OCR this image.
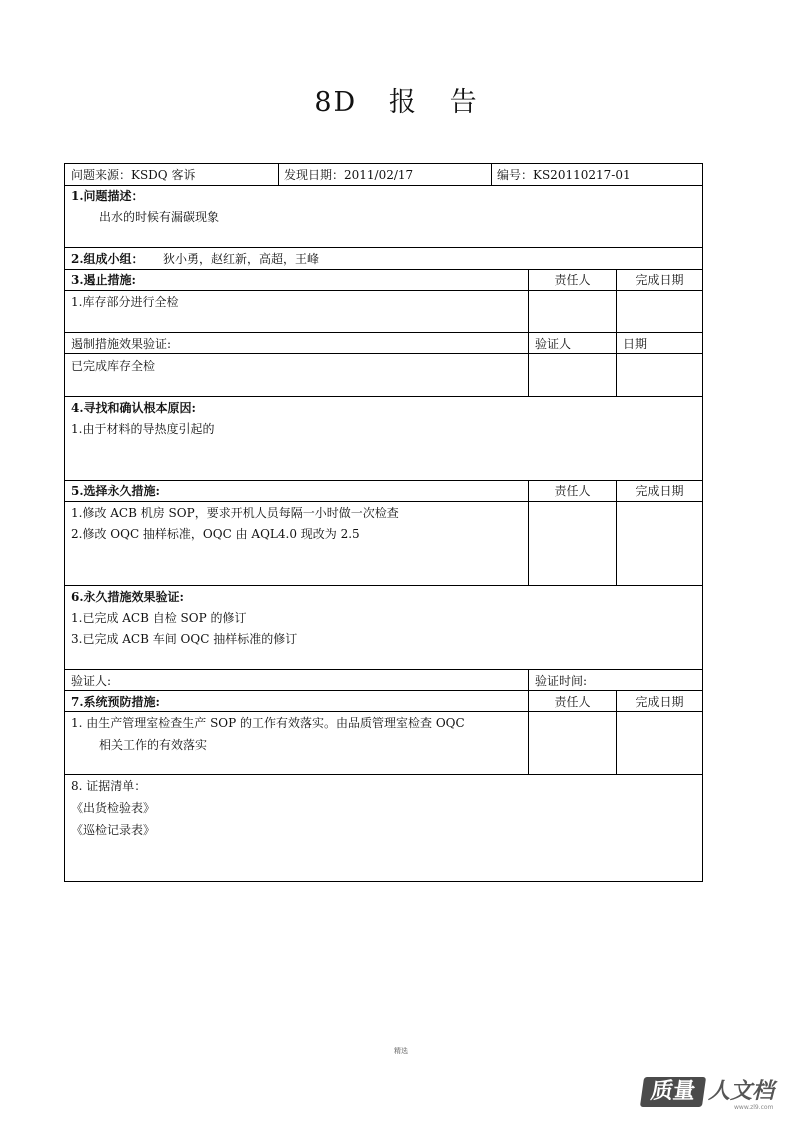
8D   报   告
问题来源：KSDQ 客诉	发现日期：2011/02/17	编号：KS20110217-01
1.问题描述：
出水的时候有漏碳现象
2.组成小组： 狄小勇，赵红新，高超，王峰
3.遏止措施:	责任人	完成日期
1.库存部分进行全检
遏制措施效果验证:	验证人	日期
已完成库存全检
4.寻找和确认根本原因:
1.由于材料的导热度引起的
5.选择永久措施:	责任人	完成日期
1.修改 ACB 机房 SOP，要求开机人员每隔一小时做一次检查
2.修改 OQC 抽样标准，OQC 由 AQL4.0 现改为 2.5
6.永久措施效果验证:
1.已完成 ACB 自检 SOP 的修订
3.已完成 ACB 车间 OQC 抽样标准的修订
验证人:	验证时间:
7.系统预防措施:	责任人	完成日期
1. 由生产管理室检查生产 SOP 的工作有效落实。由品质管理室检查 OQC
相关工作的有效落实
8. 证据清单：
《出货检验表》
《巡检记录表》
精选
质量 人文档
www.zl9.com
